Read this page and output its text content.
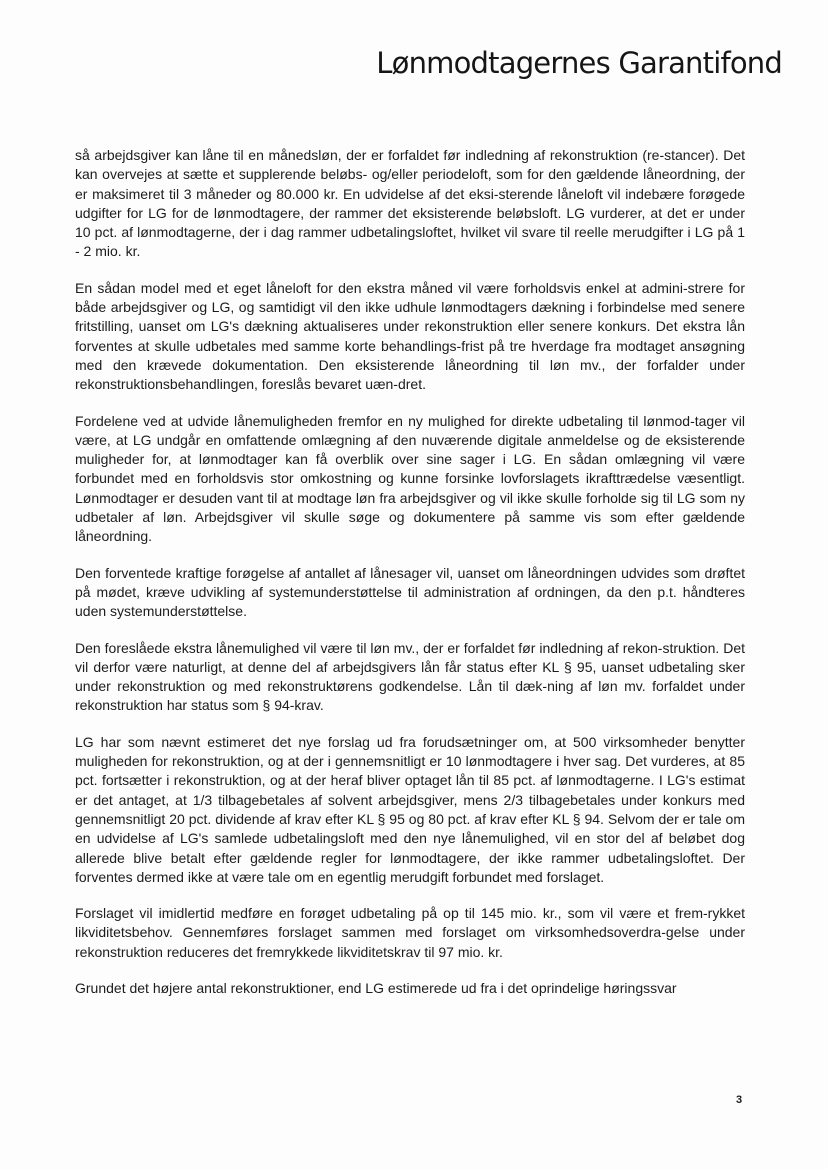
Lønmodtagernes Garantifond

så arbejdsgiver kan låne til en månedsløn, der er forfaldet før indledning af rekonstruktion (re-stancer). Det kan overvejes at sætte et supplerende beløbs- og/eller periodeloft, som for den gældende låneordning, der er maksimeret til 3 måneder og 80.000 kr. En udvidelse af det eksi-sterende låneloft vil indebære forøgede udgifter for LG for de lønmodtagere, der rammer det eksisterende beløbsloft. LG vurderer, at det er under 10 pct. af lønmodtagerne, der i dag rammer udbetalingsloftet, hvilket vil svare til reelle merudgifter i LG på 1 - 2 mio. kr.

En sådan model med et eget låneloft for den ekstra måned vil være forholdsvis enkel at admini-strere for både arbejdsgiver og LG, og samtidigt vil den ikke udhule lønmodtagers dækning i forbindelse med senere fritstilling, uanset om LG's dækning aktualiseres under rekonstruktion eller senere konkurs. Det ekstra lån forventes at skulle udbetales med samme korte behandlings-frist på tre hverdage fra modtaget ansøgning med den krævede dokumentation. Den eksisterende låneordning til løn mv., der forfalder under rekonstruktionsbehandlingen, foreslås bevaret uæn-dret.

Fordelene ved at udvide lånemuligheden fremfor en ny mulighed for direkte udbetaling til lønmod-tager vil være, at LG undgår en omfattende omlægning af den nuværende digitale anmeldelse og de eksisterende muligheder for, at lønmodtager kan få overblik over sine sager i LG. En sådan omlægning vil være forbundet med en forholdsvis stor omkostning og kunne forsinke lovforslagets ikrafttrædelse væsentligt. Lønmodtager er desuden vant til at modtage løn fra arbejdsgiver og vil ikke skulle forholde sig til LG som ny udbetaler af løn. Arbejdsgiver vil skulle søge og dokumentere på samme vis som efter gældende låneordning.

Den forventede kraftige forøgelse af antallet af lånesager vil, uanset om låneordningen udvides som drøftet på mødet, kræve udvikling af systemunderstøttelse til administration af ordningen, da den p.t. håndteres uden systemunderstøttelse.

Den foreslåede ekstra lånemulighed vil være til løn mv., der er forfaldet før indledning af rekon-struktion. Det vil derfor være naturligt, at denne del af arbejdsgivers lån får status efter KL § 95, uanset udbetaling sker under rekonstruktion og med rekonstruktørens godkendelse. Lån til dæk-ning af løn mv. forfaldet under rekonstruktion har status som § 94-krav.

LG har som nævnt estimeret det nye forslag ud fra forudsætninger om, at 500 virksomheder benytter muligheden for rekonstruktion, og at der i gennemsnitligt er 10 lønmodtagere i hver sag. Det vurderes, at 85 pct. fortsætter i rekonstruktion, og at der heraf bliver optaget lån til 85 pct. af lønmodtagerne. I LG's estimat er det antaget, at 1/3 tilbagebetales af solvent arbejdsgiver, mens 2/3 tilbagebetales under konkurs med gennemsnitligt 20 pct. dividende af krav efter KL § 95 og 80 pct. af krav efter KL § 94. Selvom der er tale om en udvidelse af LG's samlede udbetalingsloft med den nye lånemulighed, vil en stor del af beløbet dog allerede blive betalt efter gældende regler for lønmodtagere, der ikke rammer udbetalingsloftet. Der forventes dermed ikke at være tale om en egentlig merudgift forbundet med forslaget.

Forslaget vil imidlertid medføre en forøget udbetaling på op til 145 mio. kr., som vil være et frem-rykket likviditetsbehov. Gennemføres forslaget sammen med forslaget om virksomhedsoverdra-gelse under rekonstruktion reduceres det fremrykkede likviditetskrav til 97 mio. kr.

Grundet det højere antal rekonstruktioner, end LG estimerede ud fra i det oprindelige høringssvar

3
